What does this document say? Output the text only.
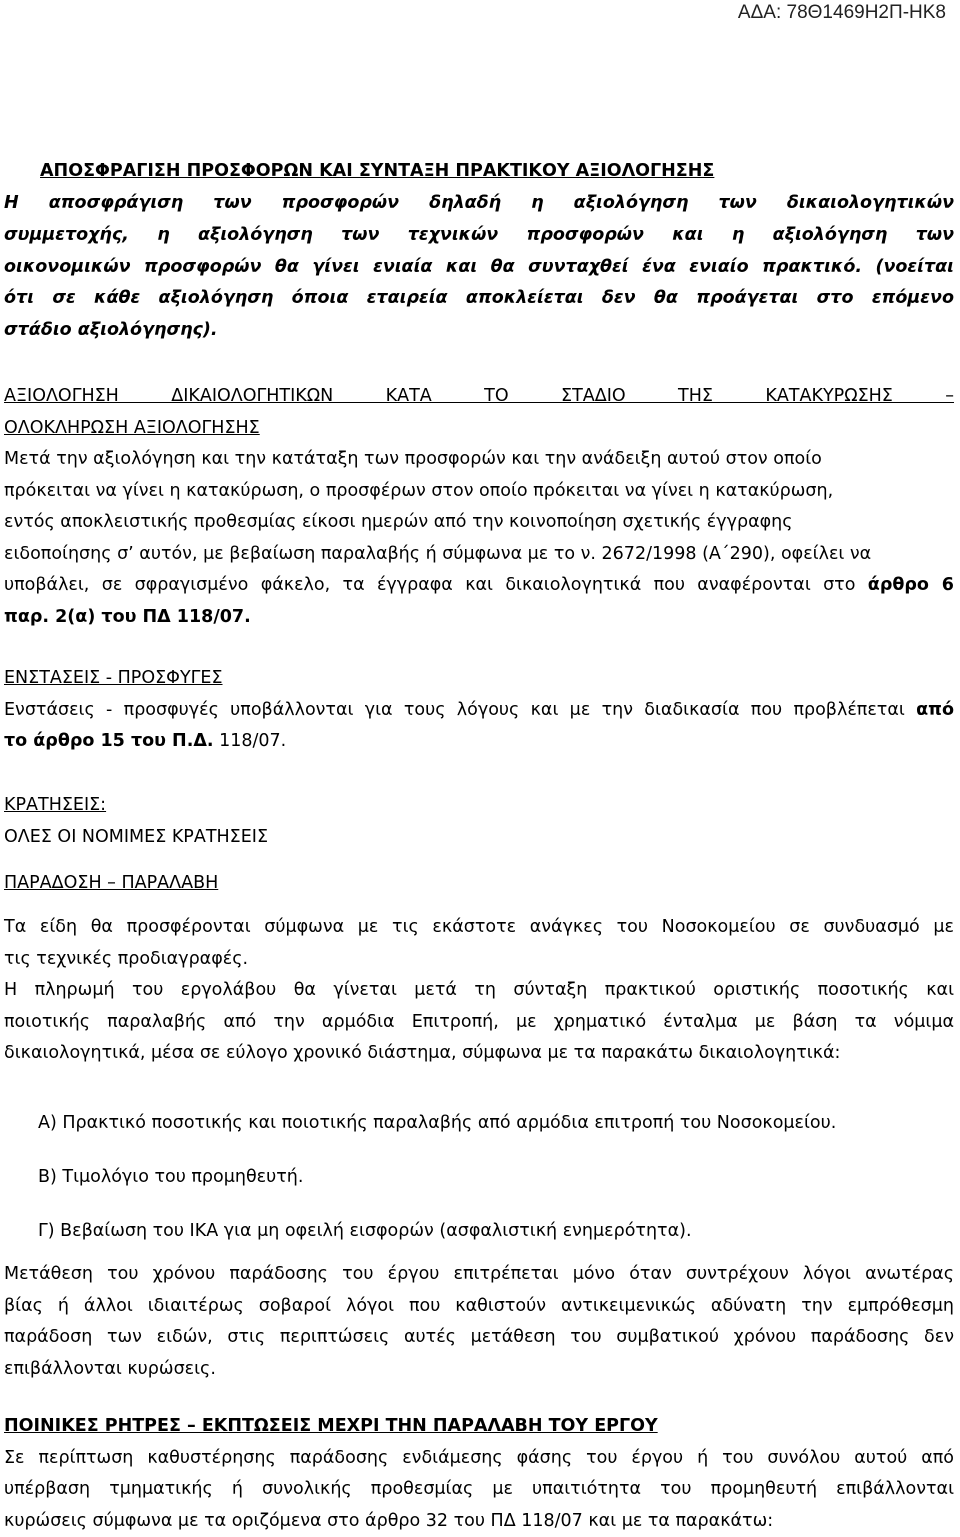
ΑΔΑ: 78Θ1469Η2Π-ΗΚ8

ΑΠΟΣΦΡΑΓΙΣΗ ΠΡΟΣΦΟΡΩΝ ΚΑΙ ΣΥΝΤΑΞΗ ΠΡΑΚΤΙΚΟΥ ΑΞΙΟΛΟΓΗΣΗΣ

Η αποσφράγιση των προσφορών δηλαδή η αξιολόγηση των δικαιολογητικών
συμμετοχής, η αξιολόγηση των τεχνικών προσφορών και η αξιολόγηση των
οικονομικών προσφορών θα γίνει ενιαία και θα συνταχθεί ένα ενιαίο πρακτικό. (νοείται
ότι σε κάθε αξιολόγηση όποια εταιρεία αποκλείεται δεν θα προάγεται στο επόμενο
στάδιο αξιολόγησης).
ΑΞΙΟΛΟΓΗΣΗ ΔΙΚΑΙΟΛΟΓΗΤΙΚΩΝ ΚΑΤΑ ΤΟ ΣΤΑΔΙΟ ΤΗΣ ΚΑΤΑΚΥΡΩΣΗΣ –
ΟΛΟΚΛΗΡΩΣΗ ΑΞΙΟΛΟΓΗΣΗΣ
Μετά την αξιολόγηση και την κατάταξη των προσφορών και την ανάδειξη αυτού στον οποίο
πρόκειται να γίνει η κατακύρωση, ο προσφέρων στον οποίο πρόκειται να γίνει η κατακύρωση,
εντός αποκλειστικής προθεσμίας είκοσι ημερών από την κοινοποίηση σχετικής έγγραφης
ειδοποίησης σ’ αυτόν, με βεβαίωση παραλαβής ή σύμφωνα με το ν. 2672/1998 (Α΄290), οφείλει να
υποβάλει, σε σφραγισμένο φάκελο, τα έγγραφα και δικαιολογητικά που αναφέρονται στο άρθρο 6
παρ. 2(α) του ΠΔ 118/07.
ΕΝΣΤΑΣΕΙΣ - ΠΡΟΣΦΥΓΕΣ
Ενστάσεις - προσφυγές υποβάλλονται για τους λόγους και με την διαδικασία που προβλέπεται από
το άρθρο 15 του Π.Δ. 118/07.
ΚΡΑΤΗΣΕΙΣ:
ΟΛΕΣ ΟΙ ΝΟΜΙΜΕΣ ΚΡΑΤΗΣΕΙΣ
ΠΑΡΑΔΟΣΗ – ΠΑΡΑΛΑΒΗ
Τα είδη θα προσφέρονται σύμφωνα με τις εκάστοτε ανάγκες του Νοσοκομείου σε συνδυασμό με
τις τεχνικές προδιαγραφές.
Η πληρωμή του εργολάβου θα γίνεται μετά τη σύνταξη πρακτικού οριστικής ποσοτικής και
ποιοτικής παραλαβής από την αρμόδια Επιτροπή, με χρηματικό ένταλμα με βάση τα νόμιμα
δικαιολογητικά, μέσα σε εύλογο χρονικό διάστημα, σύμφωνα με τα παρακάτω δικαιολογητικά:
Α) Πρακτικό ποσοτικής και ποιοτικής παραλαβής από αρμόδια επιτροπή του Νοσοκομείου.
Β) Τιμολόγιο του προμηθευτή.
Γ) Βεβαίωση του ΙΚΑ για μη οφειλή εισφορών (ασφαλιστική ενημερότητα).
Μετάθεση του χρόνου παράδοσης του έργου επιτρέπεται μόνο όταν συντρέχουν λόγοι ανωτέρας
βίας ή άλλοι ιδιαιτέρως σοβαροί λόγοι που καθιστούν αντικειμενικώς αδύνατη την εμπρόθεσμη
παράδοση των ειδών, στις περιπτώσεις αυτές μετάθεση του συμβατικού χρόνου παράδοσης δεν
επιβάλλονται κυρώσεις.
ΠΟΙΝΙΚΕΣ ΡΗΤΡΕΣ – ΕΚΠΤΩΣΕΙΣ ΜΕΧΡΙ ΤΗΝ ΠΑΡΑΛΑΒΗ ΤΟΥ ΕΡΓΟΥ
Σε περίπτωση καθυστέρησης παράδοσης ενδιάμεσης φάσης του έργου ή του συνόλου αυτού από
υπέρβαση τμηματικής ή συνολικής προθεσμίας με υπαιτιότητα του προμηθευτή επιβάλλονται
κυρώσεις σύμφωνα με τα οριζόμενα στο άρθρο 32 του ΠΔ 118/07 και με τα παρακάτω:
